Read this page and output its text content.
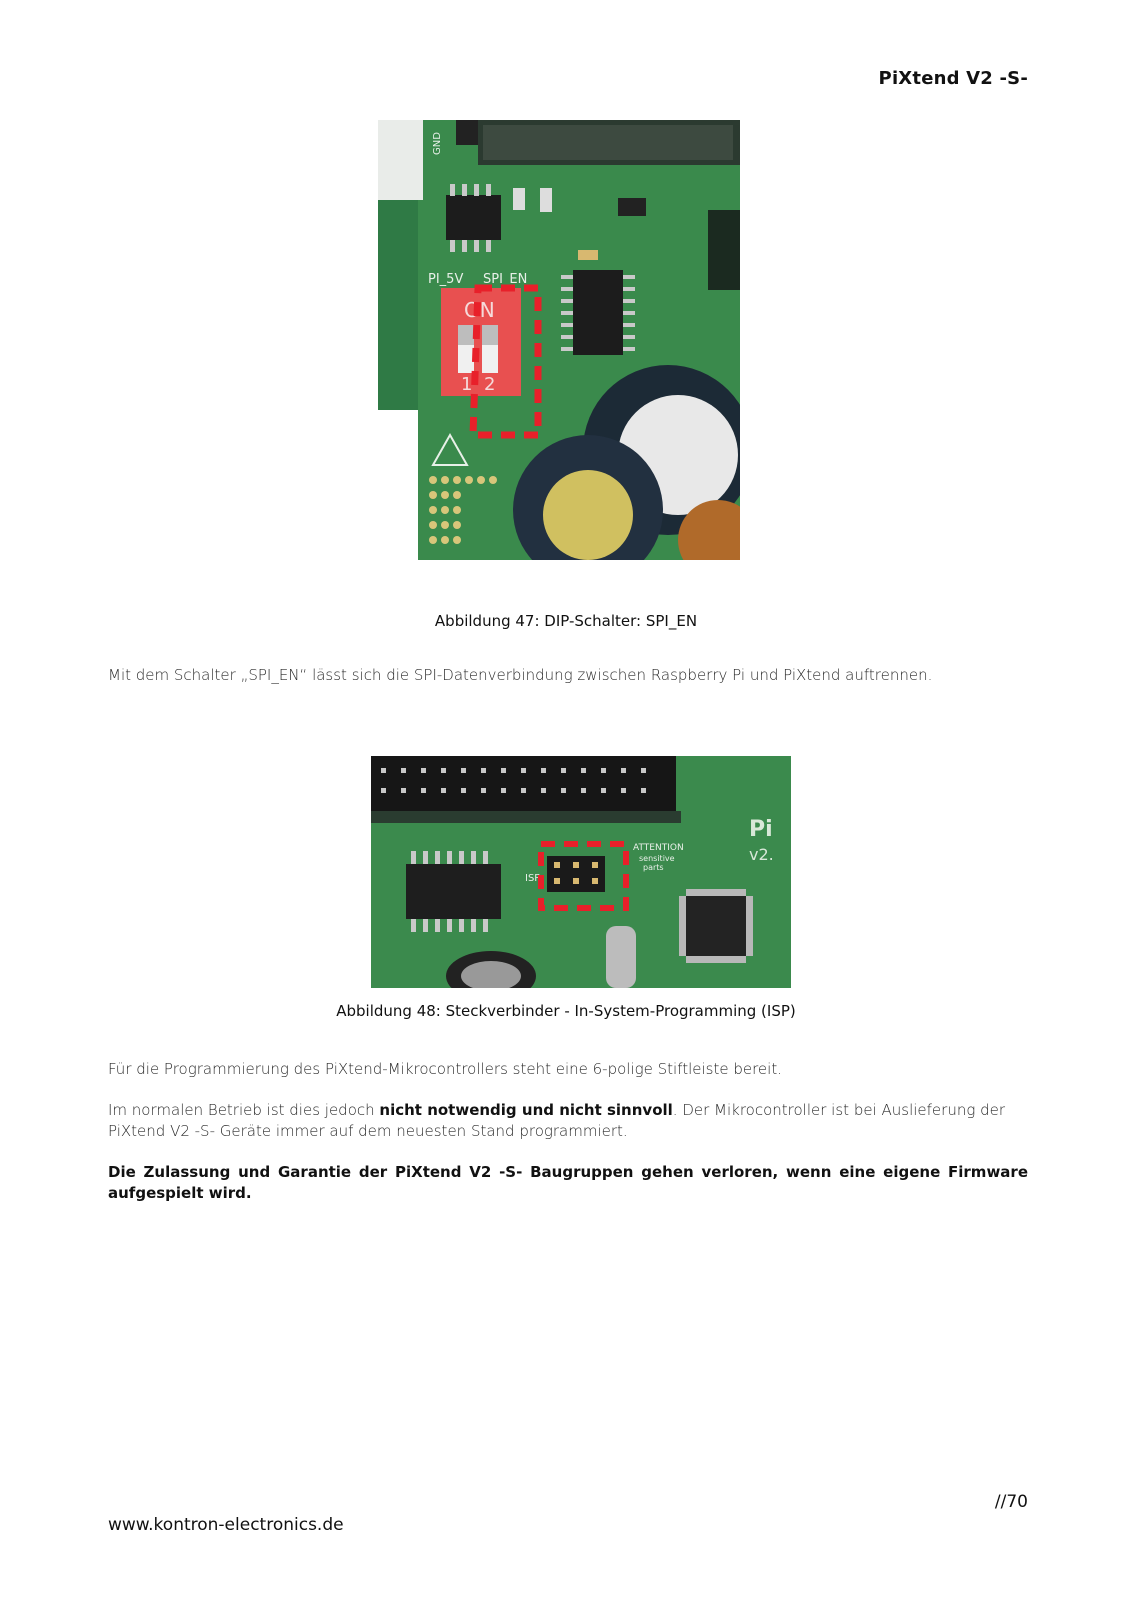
PiXtend V2 -S-
GND
PI_5V SPI_EN
ON
1 2
Abbildung 47: DIP-Schalter: SPI_EN
Mit dem Schalter „SPI_EN“ lässt sich die SPI-Datenverbindung zwischen Raspberry Pi und PiXtend auftrennen.
ISP
ATTENTION
sensitive
parts
Pi
v2.
Abbildung 48: Steckverbinder - In-System-Programming (ISP)
Für die Programmierung des PiXtend-Mikrocontrollers steht eine 6-polige Stiftleiste bereit.
Im normalen Betrieb ist dies jedoch nicht notwendig und nicht sinnvoll. Der Mikrocontroller ist bei Auslieferung der PiXtend V2 -S- Geräte immer auf dem neuesten Stand programmiert.
Die Zulassung und Garantie der PiXtend V2 -S- Baugruppen gehen verloren, wenn eine eigene Firmware aufgespielt wird.
//70
www.kontron-electronics.de
